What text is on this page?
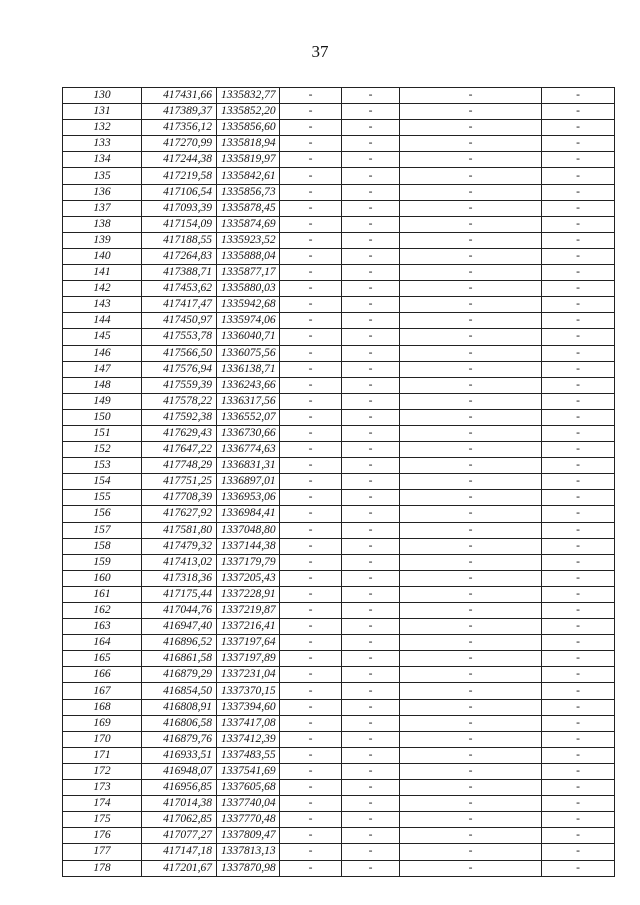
37
130	417431,66	1335832,77	-	-	-	-
131	417389,37	1335852,20	-	-	-	-
132	417356,12	1335856,60	-	-	-	-
133	417270,99	1335818,94	-	-	-	-
134	417244,38	1335819,97	-	-	-	-
135	417219,58	1335842,61	-	-	-	-
136	417106,54	1335856,73	-	-	-	-
137	417093,39	1335878,45	-	-	-	-
138	417154,09	1335874,69	-	-	-	-
139	417188,55	1335923,52	-	-	-	-
140	417264,83	1335888,04	-	-	-	-
141	417388,71	1335877,17	-	-	-	-
142	417453,62	1335880,03	-	-	-	-
143	417417,47	1335942,68	-	-	-	-
144	417450,97	1335974,06	-	-	-	-
145	417553,78	1336040,71	-	-	-	-
146	417566,50	1336075,56	-	-	-	-
147	417576,94	1336138,71	-	-	-	-
148	417559,39	1336243,66	-	-	-	-
149	417578,22	1336317,56	-	-	-	-
150	417592,38	1336552,07	-	-	-	-
151	417629,43	1336730,66	-	-	-	-
152	417647,22	1336774,63	-	-	-	-
153	417748,29	1336831,31	-	-	-	-
154	417751,25	1336897,01	-	-	-	-
155	417708,39	1336953,06	-	-	-	-
156	417627,92	1336984,41	-	-	-	-
157	417581,80	1337048,80	-	-	-	-
158	417479,32	1337144,38	-	-	-	-
159	417413,02	1337179,79	-	-	-	-
160	417318,36	1337205,43	-	-	-	-
161	417175,44	1337228,91	-	-	-	-
162	417044,76	1337219,87	-	-	-	-
163	416947,40	1337216,41	-	-	-	-
164	416896,52	1337197,64	-	-	-	-
165	416861,58	1337197,89	-	-	-	-
166	416879,29	1337231,04	-	-	-	-
167	416854,50	1337370,15	-	-	-	-
168	416808,91	1337394,60	-	-	-	-
169	416806,58	1337417,08	-	-	-	-
170	416879,76	1337412,39	-	-	-	-
171	416933,51	1337483,55	-	-	-	-
172	416948,07	1337541,69	-	-	-	-
173	416956,85	1337605,68	-	-	-	-
174	417014,38	1337740,04	-	-	-	-
175	417062,85	1337770,48	-	-	-	-
176	417077,27	1337809,47	-	-	-	-
177	417147,18	1337813,13	-	-	-	-
178	417201,67	1337870,98	-	-	-	-
